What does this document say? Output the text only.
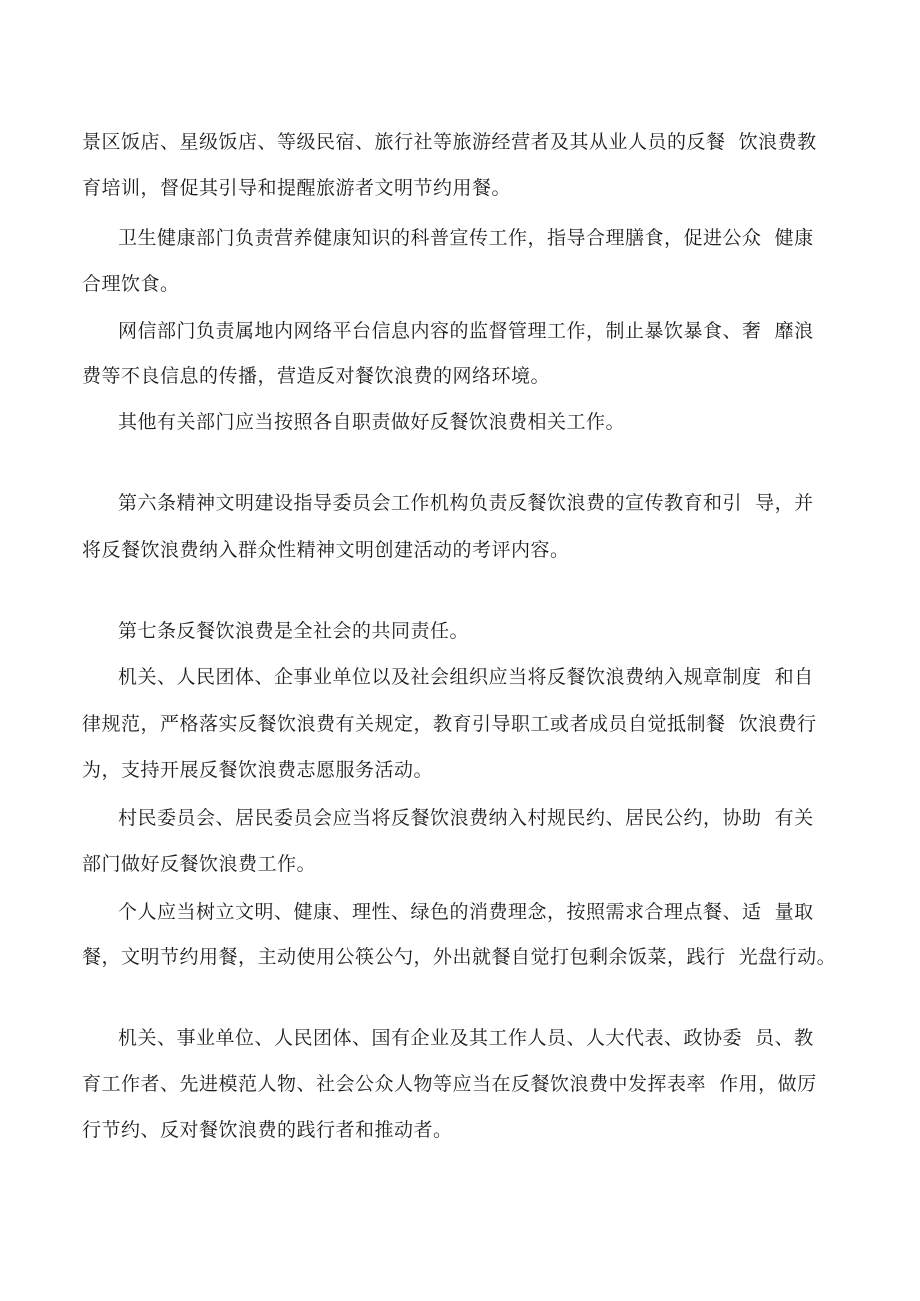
景区饭店、星级饭店、等级民宿、旅行社等旅游经营者及其从业人员的反餐  饮浪费教

育培训，督促其引导和提醒旅游者文明节约用餐。

卫生健康部门负责营养健康知识的科普宣传工作，指导合理膳食，促进公众  健康

合理饮食。

网信部门负责属地内网络平台信息内容的监督管理工作，制止暴饮暴食、奢  靡浪

费等不良信息的传播，营造反对餐饮浪费的网络环境。

其他有关部门应当按照各自职责做好反餐饮浪费相关工作。

第六条精神文明建设指导委员会工作机构负责反餐饮浪费的宣传教育和引  导，并

将反餐饮浪费纳入群众性精神文明创建活动的考评内容。

第七条反餐饮浪费是全社会的共同责任。

机关、人民团体、企事业单位以及社会组织应当将反餐饮浪费纳入规章制度  和自

律规范，严格落实反餐饮浪费有关规定，教育引导职工或者成员自觉抵制餐  饮浪费行

为，支持开展反餐饮浪费志愿服务活动。

村民委员会、居民委员会应当将反餐饮浪费纳入村规民约、居民公约，协助  有关

部门做好反餐饮浪费工作。

个人应当树立文明、健康、理性、绿色的消费理念，按照需求合理点餐、适  量取

餐，文明节约用餐，主动使用公筷公勺，外出就餐自觉打包剩余饭菜，践行  光盘行动。

机关、事业单位、人民团体、国有企业及其工作人员、人大代表、政协委  员、教

育工作者、先进模范人物、社会公众人物等应当在反餐饮浪费中发挥表率  作用，做厉

行节约、反对餐饮浪费的践行者和推动者。
